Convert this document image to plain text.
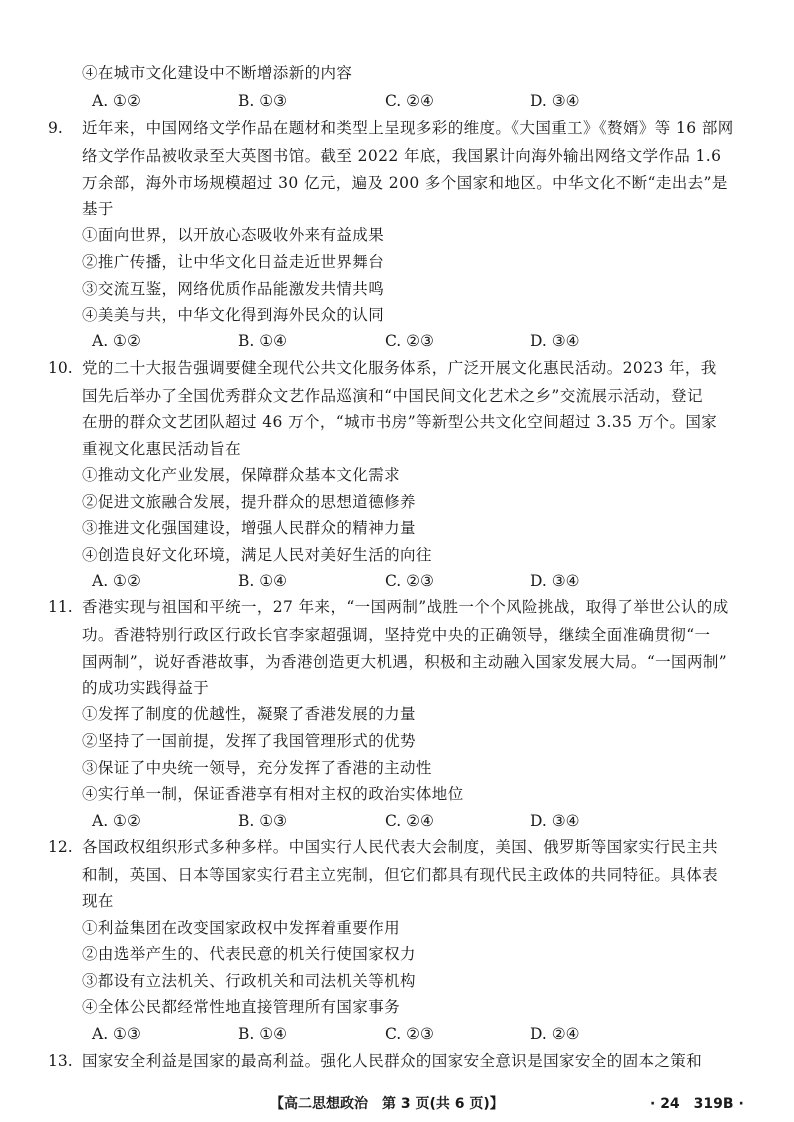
④在城市文化建设中不断增添新的内容
A. ①②	B. ①③	C. ②④	D. ③④
9. 近年来，中国网络文学作品在题材和类型上呈现多彩的维度。《大国重工》《赘婿》等 16 部网
络文学作品被收录至大英图书馆。截至 2022 年底，我国累计向海外输出网络文学作品 1.6
万余部，海外市场规模超过 30 亿元，遍及 200 多个国家和地区。中华文化不断“走出去”是
基于
①面向世界，以开放心态吸收外来有益成果
②推广传播，让中华文化日益走近世界舞台
③交流互鉴，网络优质作品能激发共情共鸣
④美美与共，中华文化得到海外民众的认同
A. ①②	B. ①④	C. ②③	D. ③④
10. 党的二十大报告强调要健全现代公共文化服务体系，广泛开展文化惠民活动。2023 年，我
国先后举办了全国优秀群众文艺作品巡演和“中国民间文化艺术之乡”交流展示活动，登记
在册的群众文艺团队超过 46 万个，“城市书房”等新型公共文化空间超过 3.35 万个。国家
重视文化惠民活动旨在
①推动文化产业发展，保障群众基本文化需求
②促进文旅融合发展，提升群众的思想道德修养
③推进文化强国建设，增强人民群众的精神力量
④创造良好文化环境，满足人民对美好生活的向往
A. ①②	B. ①④	C. ②③	D. ③④
11. 香港实现与祖国和平统一，27 年来，“一国两制”战胜一个个风险挑战，取得了举世公认的成
功。香港特别行政区行政长官李家超强调，坚持党中央的正确领导，继续全面准确贯彻“一
国两制”，说好香港故事，为香港创造更大机遇，积极和主动融入国家发展大局。“一国两制”
的成功实践得益于
①发挥了制度的优越性，凝聚了香港发展的力量
②坚持了一国前提，发挥了我国管理形式的优势
③保证了中央统一领导，充分发挥了香港的主动性
④实行单一制，保证香港享有相对主权的政治实体地位
A. ①②	B. ①③	C. ②④	D. ③④
12. 各国政权组织形式多种多样。中国实行人民代表大会制度，美国、俄罗斯等国家实行民主共
和制，英国、日本等国家实行君主立宪制，但它们都具有现代民主政体的共同特征。具体表
现在
①利益集团在改变国家政权中发挥着重要作用
②由选举产生的、代表民意的机关行使国家权力
③都设有立法机关、行政机关和司法机关等机构
④全体公民都经常性地直接管理所有国家事务
A. ①③	B. ①④	C. ②③	D. ②④
13. 国家安全利益是国家的最高利益。强化人民群众的国家安全意识是国家安全的固本之策和
【高二思想政治　第 3 页(共 6 页)】	· 24　319B ·
